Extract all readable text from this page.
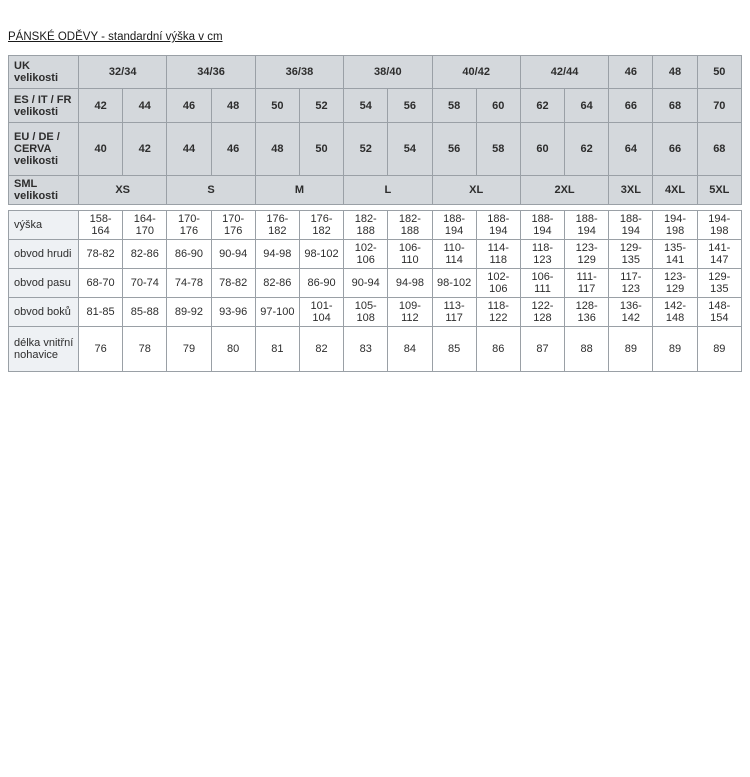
PÁNSKÉ ODĚVY - standardní výška v cm
UK velikosti	32/34		34/36		36/38		38/40		40/42		42/44		46	48	50
ES / IT / FR velikosti	42	44	46	48	50	52	54	56	58	60	62	64	66	68	70
EU / DE / CERVA velikosti	40	42	44	46	48	50	52	54	56	58	60	62	64	66	68
SML velikosti	XS		S		M		L		XL		2XL		3XL	4XL	5XL
výška	158-164	164-170	170-176	170-176	176-182	176-182	182-188	182-188	188-194	188-194	188-194	188-194	188-194	194-198	194-198
obvod hrudi	78-82	82-86	86-90	90-94	94-98	98-102	102-106	106-110	110-114	114-118	118-123	123-129	129-135	135-141	141-147
obvod pasu	68-70	70-74	74-78	78-82	82-86	86-90	90-94	94-98	98-102	102-106	106-111	111-117	117-123	123-129	129-135
obvod boků	81-85	85-88	89-92	93-96	97-100	101-104	105-108	109-112	113-117	118-122	122-128	128-136	136-142	142-148	148-154
délka vnitřní nohavice	76	78	79	80	81	82	83	84	85	86	87	88	89	89	89
